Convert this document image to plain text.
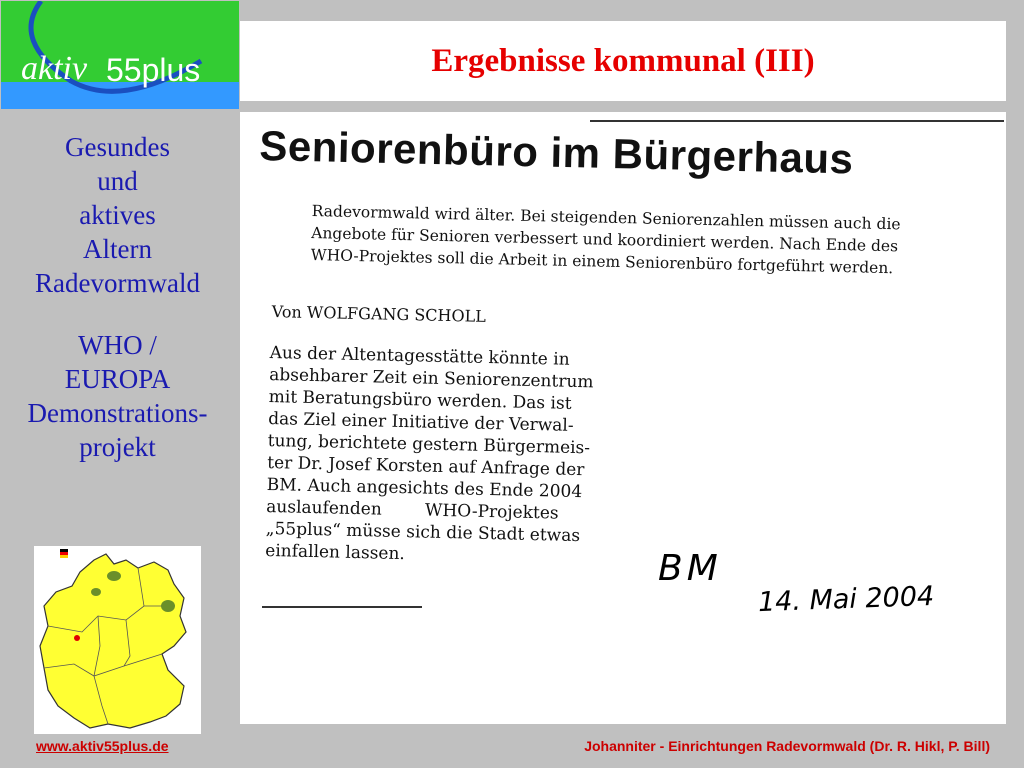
aktiv 55plus	Ergebnisse kommunal (III)
Gesundes
und
aktives
Altern
Radevormwald
WHO /
EUROPA
Demonstrations-
projekt
Seniorenbüro im Bürgerhaus
Radevormwald wird älter. Bei steigenden Seniorenzahlen müssen auch die
Angebote für Senioren verbessert und koordiniert werden. Nach Ende des
WHO-Projektes soll die Arbeit in einem Seniorenbüro fortgeführt werden.
Von WOLFGANG SCHOLL
Aus der Altentagesstätte könnte in
absehbarer Zeit ein Seniorenzentrum
mit Beratungsbüro werden. Das ist
das Ziel einer Initiative der Verwal-
tung, berichtete gestern Bürgermeis-
ter Dr. Josef Korsten auf Anfrage der
BM. Auch angesichts des Ende 2004
auslaufenden        WHO-Projektes
„55plus“ müsse sich die Stadt etwas
einfallen lassen.	BM
14. Mai 2004
www.aktiv55plus.de	Johanniter - Einrichtungen Radevormwald (Dr. R. Hikl, P. Bill)
